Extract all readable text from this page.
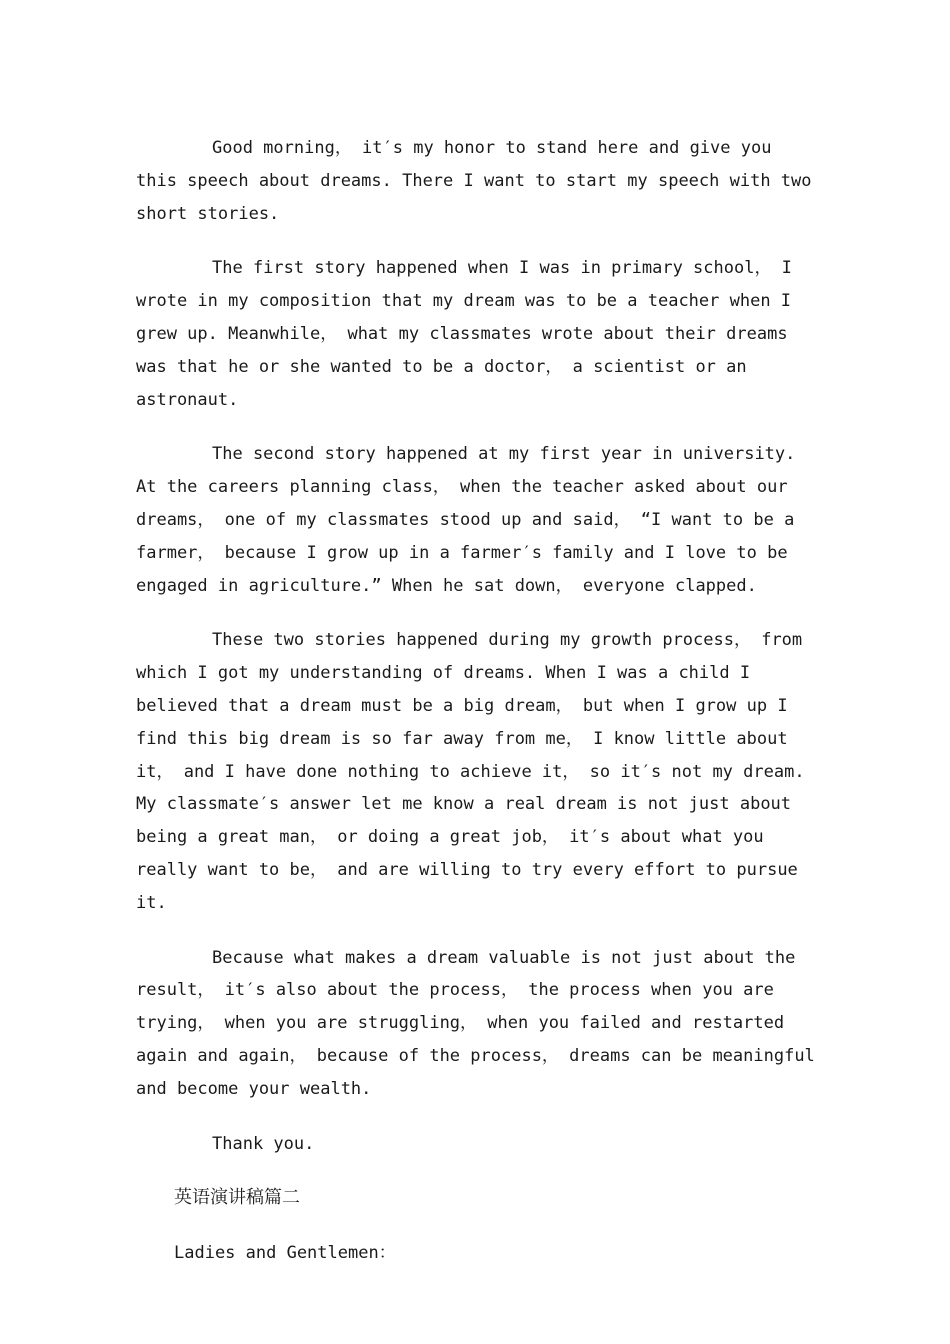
Good morning， it′s my honor to stand here and give you this speech about dreams. There I want to start my speech with two short stories.

The first story happened when I was in primary school， I wrote in my composition that my dream was to be a teacher when I grew up. Meanwhile， what my classmates wrote about their dreams was that he or she wanted to be a doctor， a scientist or an astronaut.

The second story happened at my first year in university. At the careers planning class， when the teacher asked about our dreams， one of my classmates stood up and said， “I want to be a farmer， because I grow up in a farmer′s family and I love to be engaged in agriculture.” When he sat down， everyone clapped.

These two stories happened during my growth process， from which I got my understanding of dreams. When I was a child I believed that a dream must be a big dream， but when I grow up I find this big dream is so far away from me， I know little about it， and I have done nothing to achieve it， so it′s not my dream. My classmate′s answer let me know a real dream is not just about being a great man， or doing a great job， it′s about what you really want to be， and are willing to try every effort to pursue it.

Because what makes a dream valuable is not just about the result， it′s also about the process， the process when you are trying， when you are struggling， when you failed and restarted again and again， because of the process， dreams can be meaningful and become your wealth.

Thank you.

英语演讲稿篇二

Ladies and Gentlemen：
